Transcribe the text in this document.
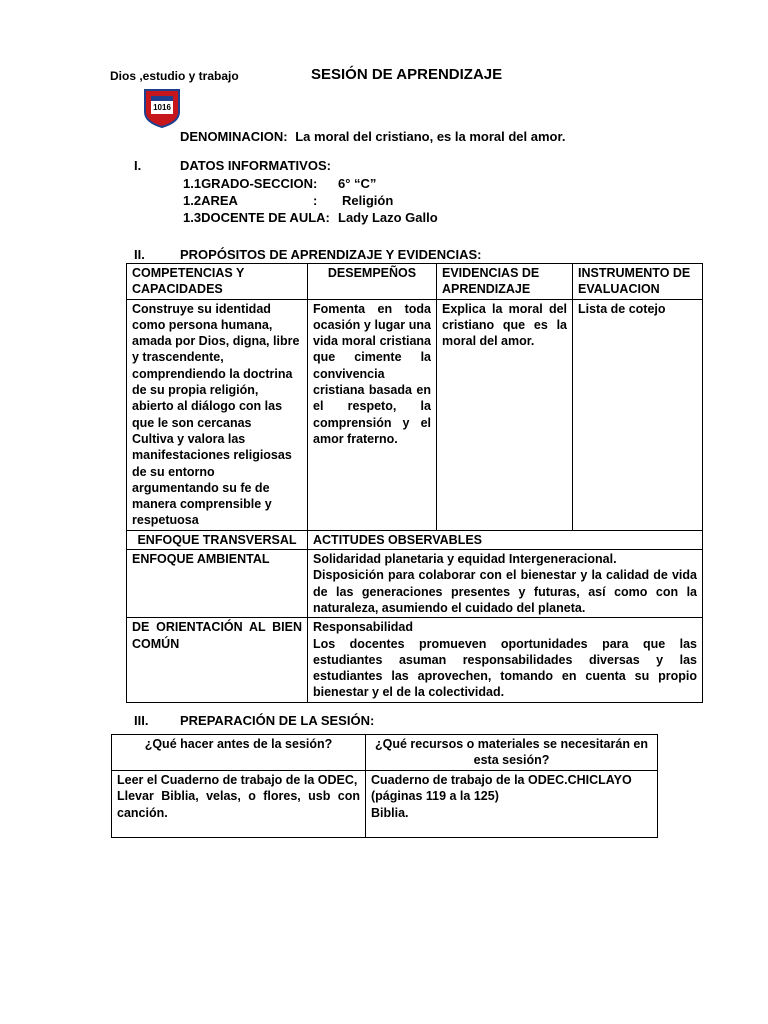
Dios ,estudio y trabajo	SESIÓN DE APRENDIZAJE
1016
DENOMINACION: La moral del cristiano, es la moral del amor.
I.	DATOS INFORMATIVOS:
1.1GRADO-SECCION : 6° “C”
1.2AREA	: Religión
1.3DOCENTE DE AULA: Lady Lazo Gallo
II.	PROPÓSITOS DE APRENDIZAJE Y EVIDENCIAS:
COMPETENCIAS Y CAPACIDADES	DESEMPEÑOS	EVIDENCIAS DE APRENDIZAJE	INSTRUMENTO DE EVALUACION
Construye su identidad como persona humana, amada por Dios, digna, libre y trascendente, comprendiendo la doctrina de su propia religión, abierto al diálogo con las que le son cercanas
Cultiva y valora las manifestaciones religiosas de su entorno argumentando su fe de manera comprensible y respetuosa	Fomenta en toda ocasión y lugar una vida moral cristiana que cimente la convivencia cristiana basada en el respeto, la comprensión y el amor fraterno.	Explica la moral del cristiano que es la moral del amor.	Lista de cotejo
ENFOQUE TRANSVERSAL	ACTITUDES OBSERVABLES		
ENFOQUE AMBIENTAL	Solidaridad planetaria y equidad Intergeneracional.
Disposición para colaborar con el bienestar y la calidad de vida de las generaciones presentes y futuras, así como con la naturaleza, asumiendo el cuidado del planeta.		

DE ORIENTACIÓN AL BIEN COMÚN	Responsabilidad
Los docentes promueven oportunidades para que las estudiantes asuman responsabilidades diversas y las estudiantes las aprovechen, tomando en cuenta su propio bienestar y el de la colectividad.		
III. PREPARACIÓN DE LA SESIÓN:
¿Qué hacer antes de la sesión?	¿Qué recursos o materiales se necesitarán en esta sesión?
Leer el Cuaderno de trabajo de la ODEC,
Llevar Biblia, velas, o flores, usb con canción.	Cuaderno de trabajo de la ODEC.CHICLAYO
(páginas 119 a la 125)
Biblia.
